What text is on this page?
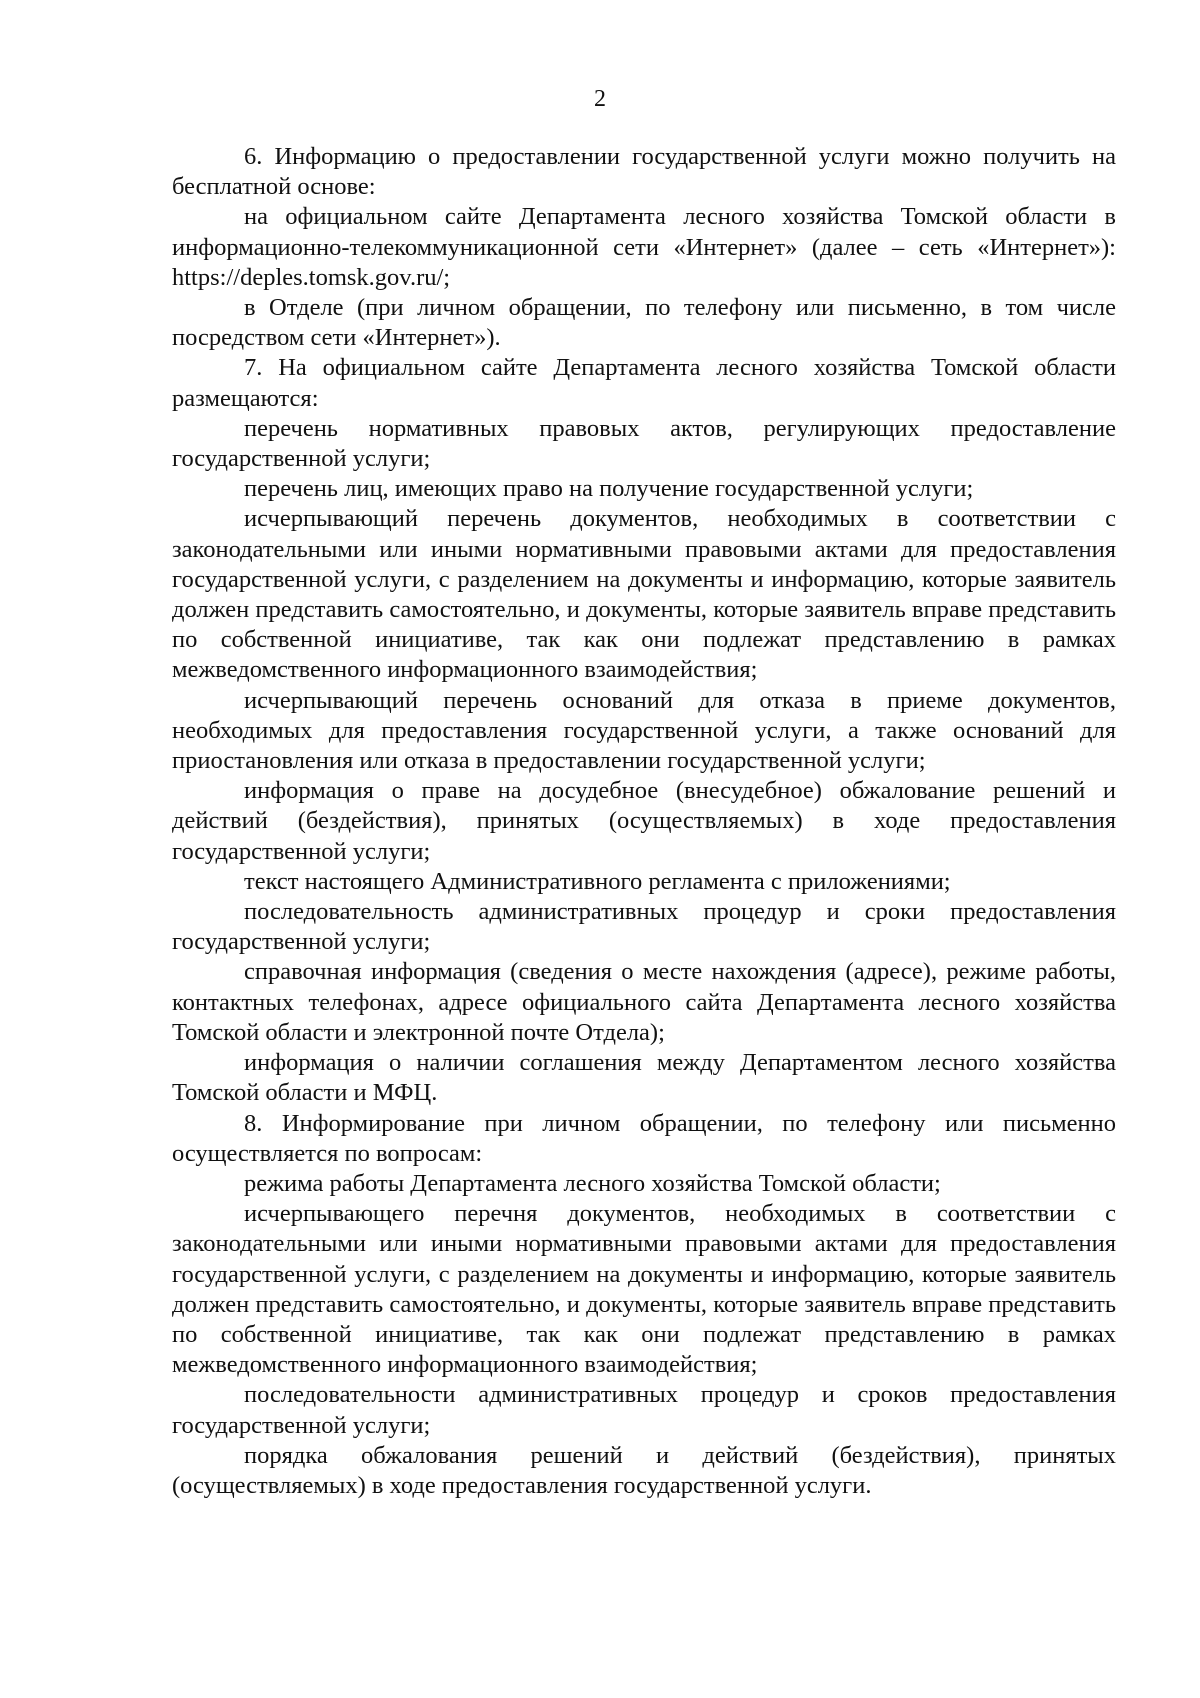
2

6. Информацию о предоставлении государственной услуги можно получить на бесплатной основе:

на официальном сайте Департамента лесного хозяйства Томской области в информационно-телекоммуникационной сети «Интернет» (далее – сеть «Интернет»): https://deples.tomsk.gov.ru/;

в Отделе (при личном обращении, по телефону или письменно, в том числе посредством сети «Интернет»).

7. На официальном сайте Департамента лесного хозяйства Томской области размещаются:

перечень нормативных правовых актов, регулирующих предоставление государственной услуги;

перечень лиц, имеющих право на получение государственной услуги;

исчерпывающий перечень документов, необходимых в соответствии с законодательными или иными нормативными правовыми актами для предоставления государственной услуги, с разделением на документы и информацию, которые заявитель должен представить самостоятельно, и документы, которые заявитель вправе представить по собственной инициативе, так как они подлежат представлению в рамках межведомственного информационного взаимодействия;

исчерпывающий перечень оснований для отказа в приеме документов, необходимых для предоставления государственной услуги, а также оснований для приостановления или отказа в предоставлении государственной услуги;

информация о праве на досудебное (внесудебное) обжалование решений и действий (бездействия), принятых (осуществляемых) в ходе предоставления государственной услуги;

текст настоящего Административного регламента с приложениями;

последовательность административных процедур и сроки предоставления государственной услуги;

справочная информация (сведения о месте нахождения (адресе), режиме работы, контактных телефонах, адресе официального сайта Департамента лесного хозяйства Томской области и электронной почте Отдела);

информация о наличии соглашения между Департаментом лесного хозяйства Томской области и МФЦ.

8. Информирование при личном обращении, по телефону или письменно осуществляется по вопросам:

режима работы Департамента лесного хозяйства Томской области;

исчерпывающего перечня документов, необходимых в соответствии с законодательными или иными нормативными правовыми актами для предоставления государственной услуги, с разделением на документы и информацию, которые заявитель должен представить самостоятельно, и документы, которые заявитель вправе представить по собственной инициативе, так как они подлежат представлению в рамках межведомственного информационного взаимодействия;

последовательности административных процедур и сроков предоставления государственной услуги;

порядка обжалования решений и действий (бездействия), принятых (осуществляемых) в ходе предоставления государственной услуги.
